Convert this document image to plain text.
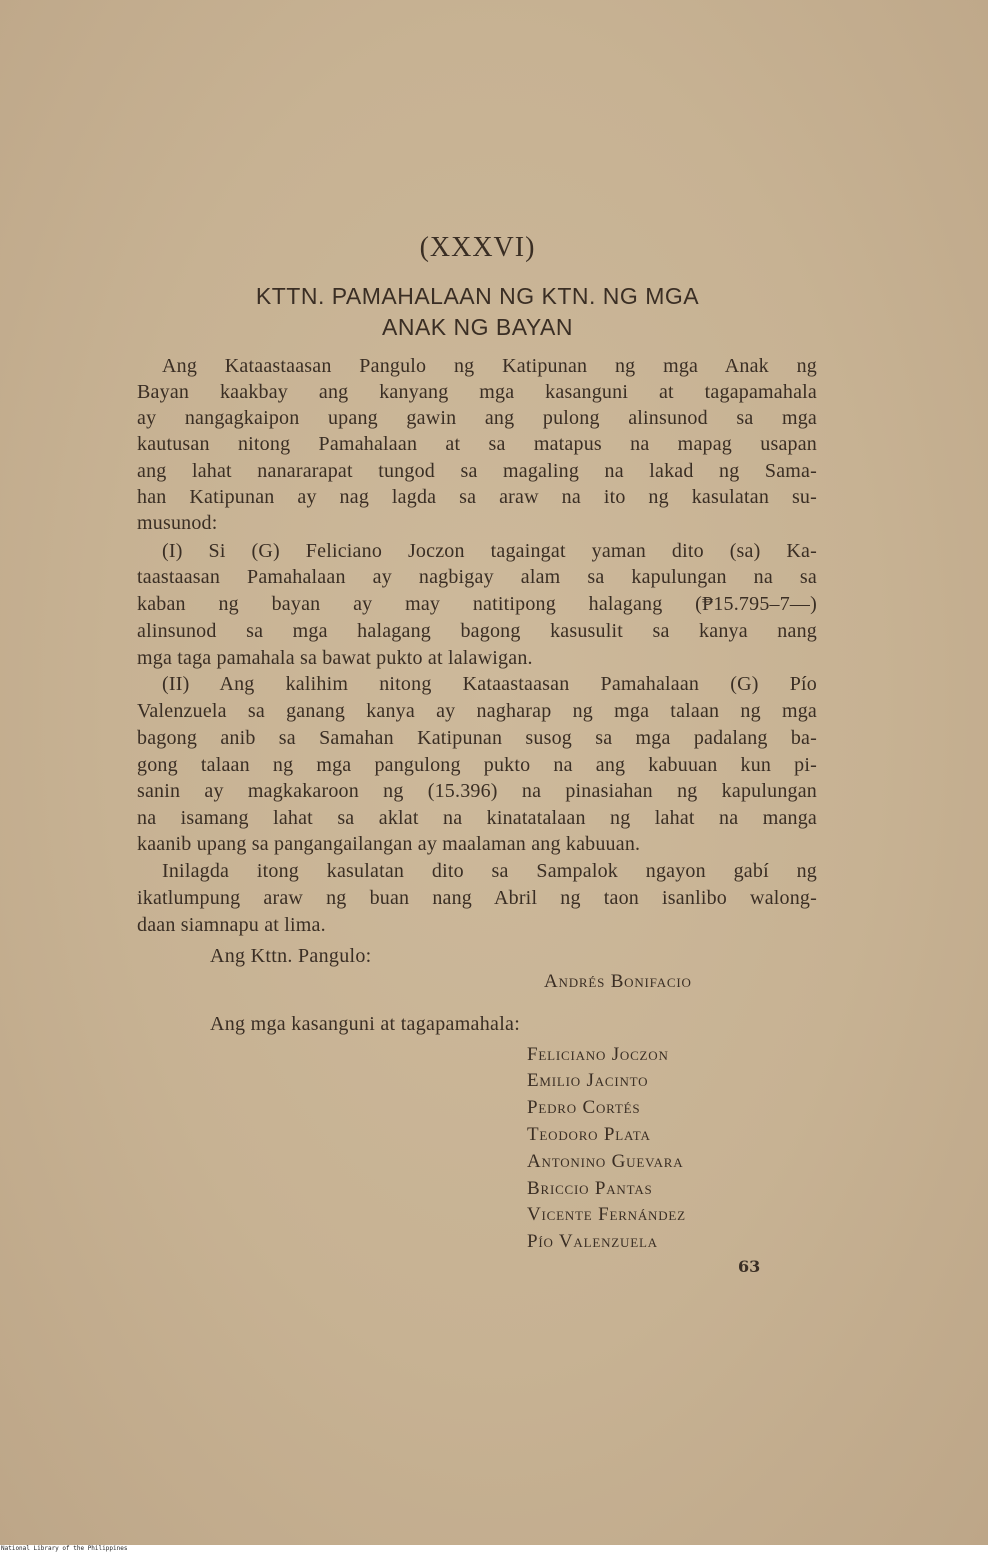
(XXXVI)
KTTN. PAMAHALAAN NG KTN. NG MGA
ANAK NG BAYAN
Ang Kataastaasan Pangulo ng Katipunan ng mga Anak ng
Bayan kaakbay ang kanyang mga kasanguni at tagapamahala
ay nangagkaipon upang gawin ang pulong alinsunod sa mga
kautusan nitong Pamahalaan at sa matapus na mapag usapan
ang lahat nanararapat tungod sa magaling na lakad ng Sama-
han Katipunan ay nag lagda sa araw na ito ng kasulatan su-
musunod:
(I) Si (G) Feliciano Joczon tagaingat yaman dito (sa) Ka-
taastaasan Pamahalaan ay nagbigay alam sa kapulungan na sa
kaban ng bayan ay may natitipong halagang (₱15.795–7—)
alinsunod sa mga halagang bagong kasusulit sa kanya nang
mga taga pamahala sa bawat pukto at lalawigan.
(II) Ang kalihim nitong Kataastaasan Pamahalaan (G) Pío
Valenzuela sa ganang kanya ay nagharap ng mga talaan ng mga
bagong anib sa Samahan Katipunan susog sa mga padalang ba-
gong talaan ng mga pangulong pukto na ang kabuuan kun pi-
sanin ay magkakaroon ng (15.396) na pinasiahan ng kapulungan
na isamang lahat sa aklat na kinatatalaan ng lahat na manga
kaanib upang sa pangangailangan ay maalaman ang kabuuan.
Inilagda itong kasulatan dito sa Sampalok ngayon gabí ng
ikatlumpung araw ng buan nang Abril ng taon isanlibo walong-
daan siamnapu at lima.
Ang Kttn. Pangulo:
Andrés Bonifacio
Ang mga kasanguni at tagapamahala:
Feliciano Joczon
Emilio Jacinto
Pedro Cortés
Teodoro Plata
Antonino Guevara
Briccio Pantas
Vicente Fernández
Pío Valenzuela
63
National Library of the Philippines
